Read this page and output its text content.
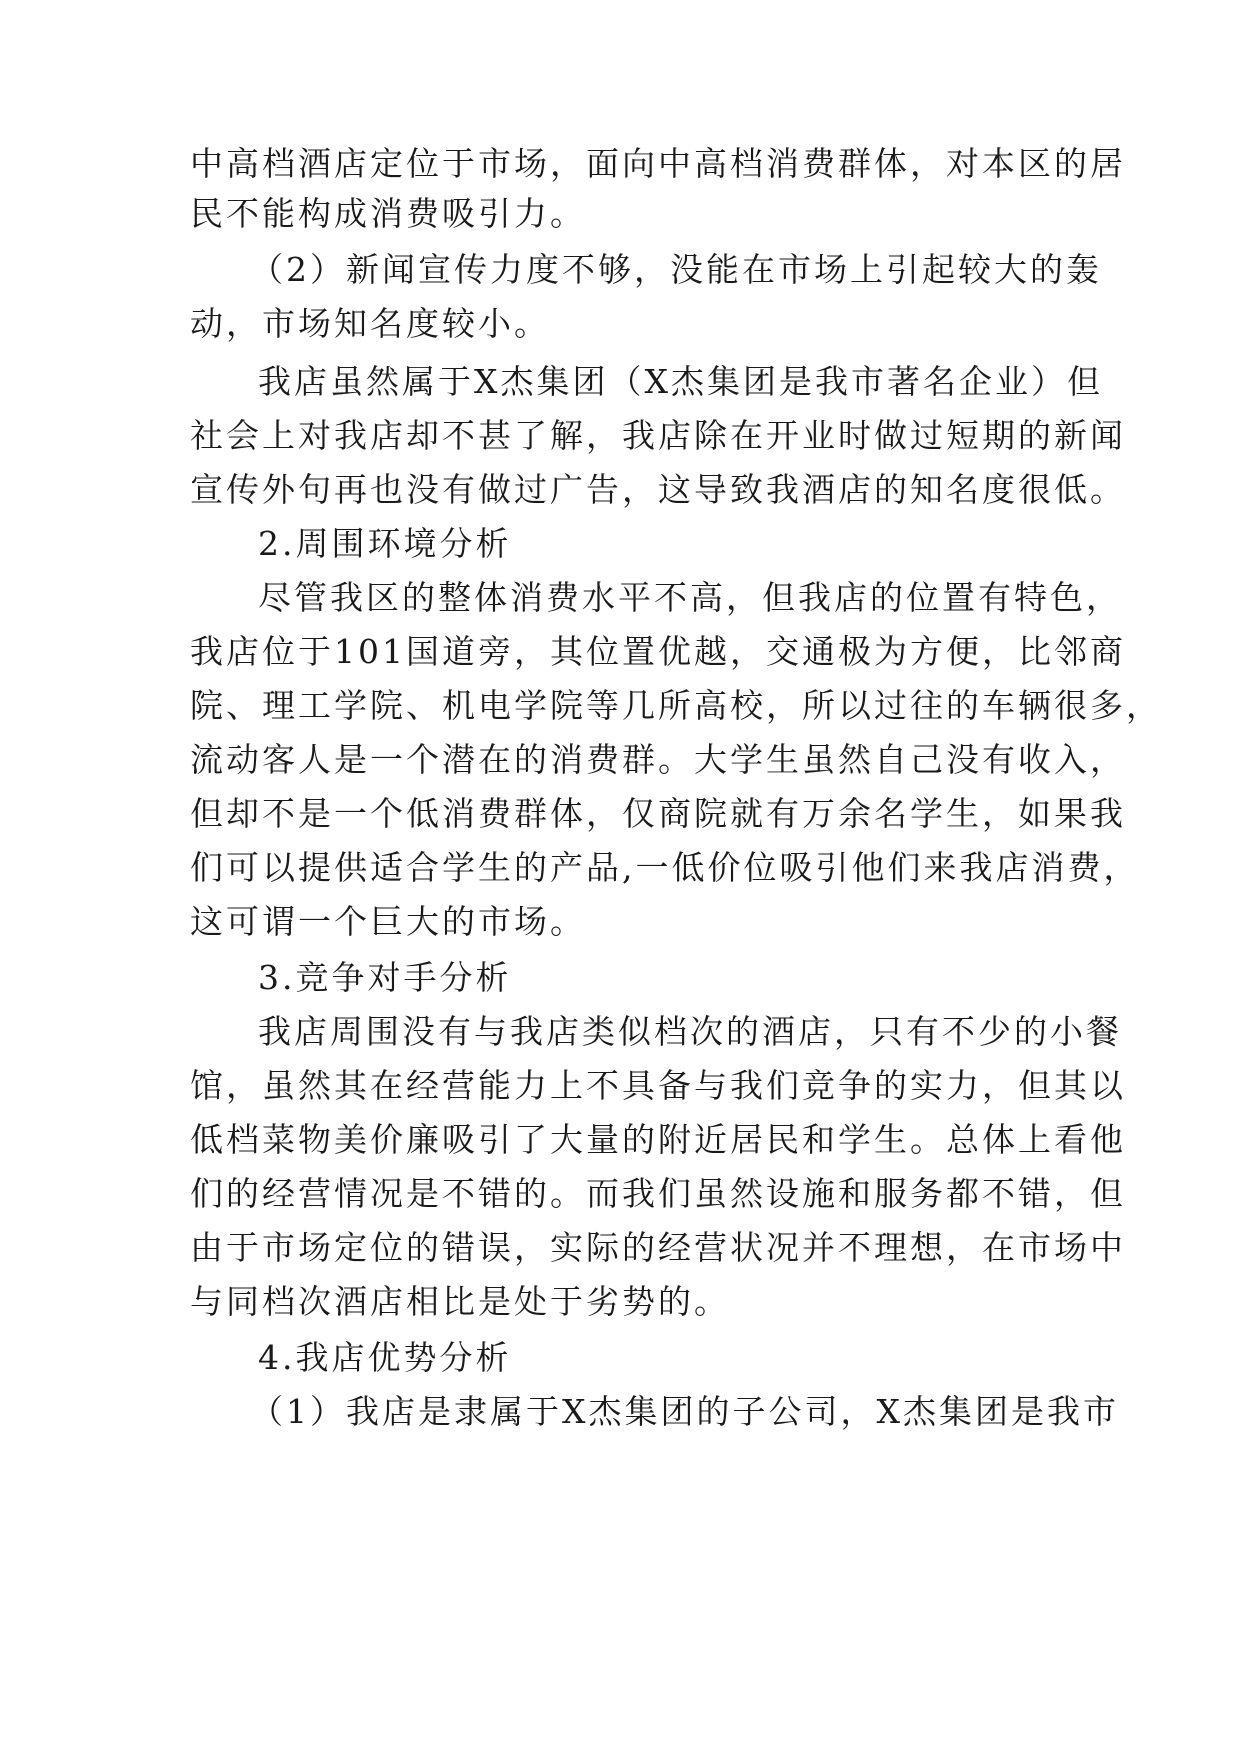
中高档酒店定位于市场，面向中高档消费群体，对本区的居
民不能构成消费吸引力。
（2）新闻宣传力度不够，没能在市场上引起较大的轰
动，市场知名度较小。
我店虽然属于X杰集团（X杰集团是我市著名企业）但
社会上对我店却不甚了解，我店除在开业时做过短期的新闻
宣传外句再也没有做过广告，这导致我酒店的知名度很低。
2.周围环境分析
尽管我区的整体消费水平不高，但我店的位置有特色，
我店位于101国道旁，其位置优越，交通极为方便，比邻商
院、理工学院、机电学院等几所高校，所以过往的车辆很多，
流动客人是一个潜在的消费群。大学生虽然自己没有收入，
但却不是一个低消费群体，仅商院就有万余名学生，如果我
们可以提供适合学生的产品,一低价位吸引他们来我店消费，
这可谓一个巨大的市场。
3.竞争对手分析
我店周围没有与我店类似档次的酒店，只有不少的小餐
馆，虽然其在经营能力上不具备与我们竞争的实力，但其以
低档菜物美价廉吸引了大量的附近居民和学生。总体上看他
们的经营情况是不错的。而我们虽然设施和服务都不错，但
由于市场定位的错误，实际的经营状况并不理想，在市场中
与同档次酒店相比是处于劣势的。
4.我店优势分析
（1）我店是隶属于X杰集团的子公司，X杰集团是我市
